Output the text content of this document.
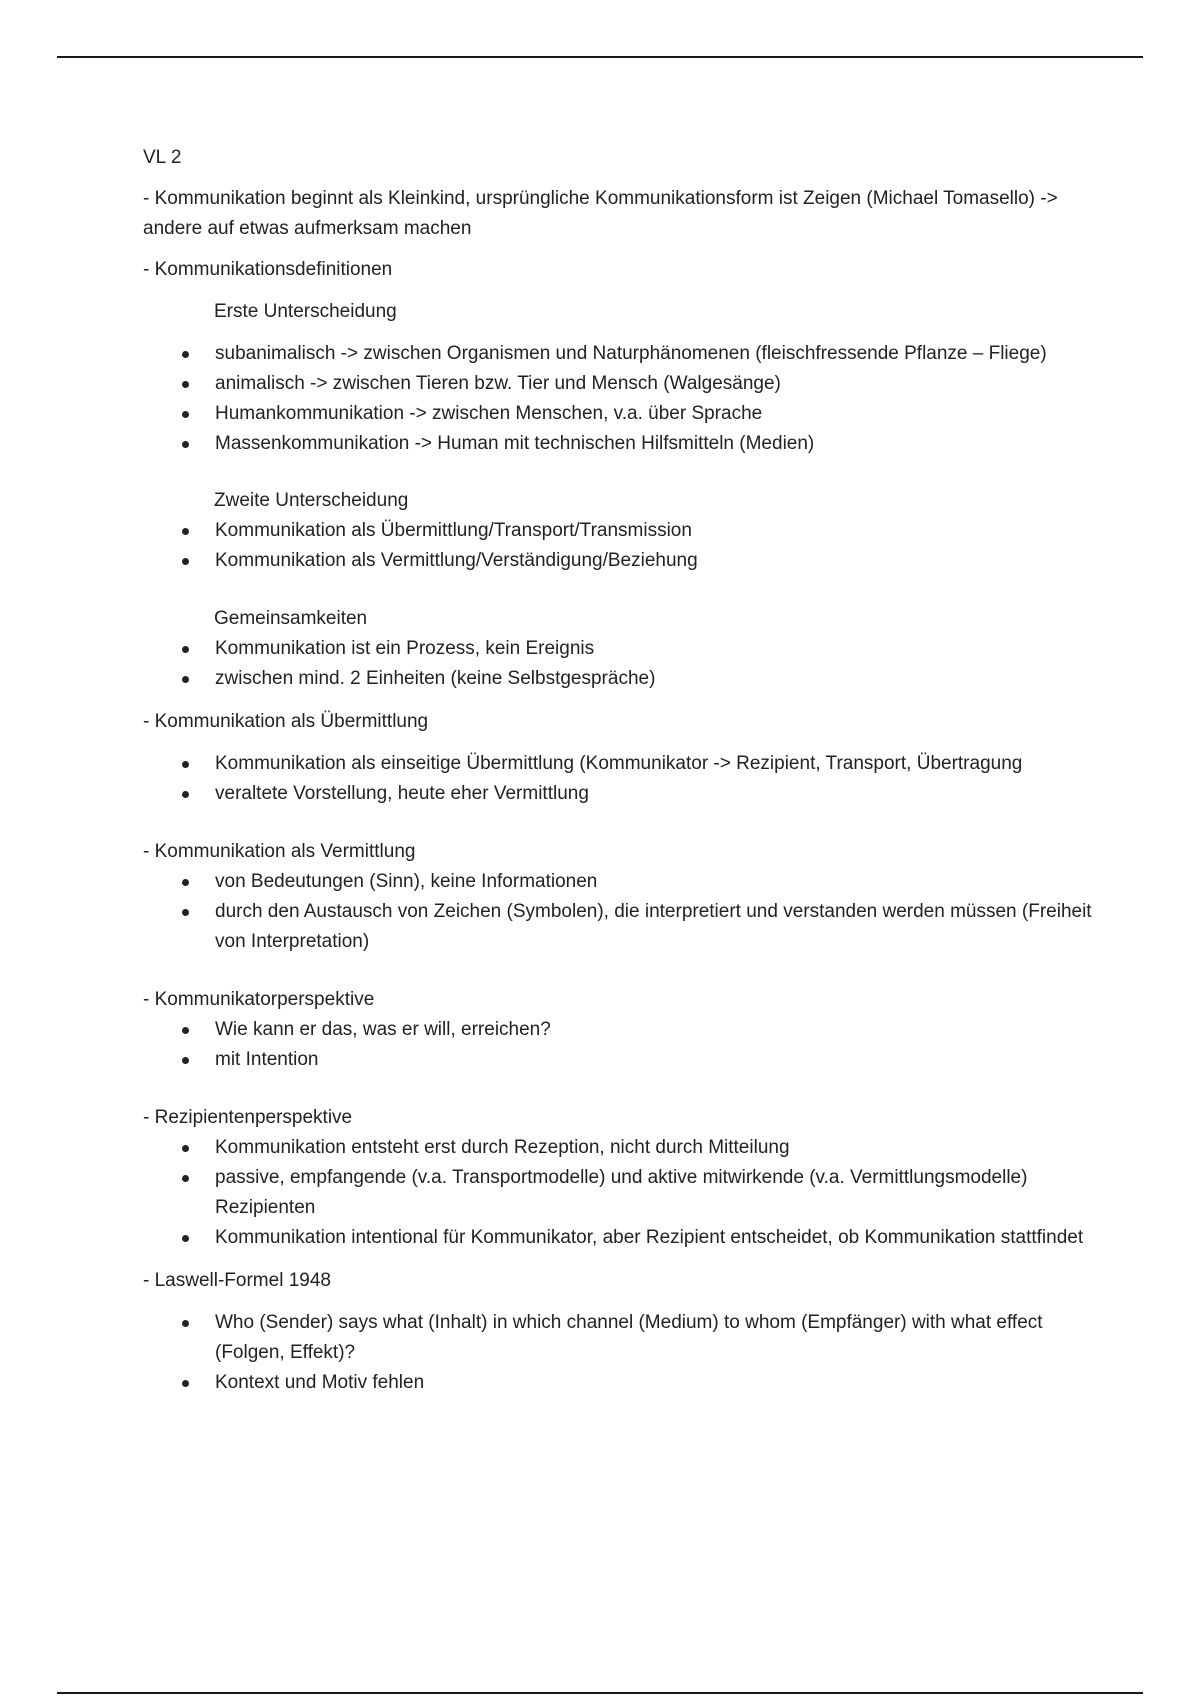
VL 2

- Kommunikation beginnt als Kleinkind, ursprüngliche Kommunikationsform ist Zeigen (Michael Tomasello) -> andere auf etwas aufmerksam machen

- Kommunikationsdefinitionen

Erste Unterscheidung

subanimalisch -> zwischen Organismen und Naturphänomenen (fleischfressende Pflanze – Fliege)
animalisch -> zwischen Tieren bzw. Tier und Mensch (Walgesänge)
Humankommunikation -> zwischen Menschen, v.a. über Sprache
Massenkommunikation -> Human mit technischen Hilfsmitteln (Medien)

Zweite Unterscheidung

Kommunikation als Übermittlung/Transport/Transmission
Kommunikation als Vermittlung/Verständigung/Beziehung

Gemeinsamkeiten

Kommunikation ist ein Prozess, kein Ereignis
zwischen mind. 2 Einheiten (keine Selbstgespräche)

- Kommunikation als Übermittlung

Kommunikation als einseitige Übermittlung (Kommunikator -> Rezipient, Transport, Übertragung
veraltete Vorstellung, heute eher Vermittlung

- Kommunikation als Vermittlung

von Bedeutungen (Sinn), keine Informationen
durch den Austausch von Zeichen (Symbolen), die interpretiert und verstanden werden müssen (Freiheit von Interpretation)

- Kommunikatorperspektive

Wie kann er das, was er will, erreichen?
mit Intention

- Rezipientenperspektive

Kommunikation entsteht erst durch Rezeption, nicht durch Mitteilung
passive, empfangende (v.a. Transportmodelle) und aktive mitwirkende (v.a. Vermittlungsmodelle) Rezipienten
Kommunikation intentional für Kommunikator, aber Rezipient entscheidet, ob Kommunikation stattfindet

- Laswell-Formel 1948

Who (Sender) says what (Inhalt) in which channel (Medium) to whom (Empfänger) with what effect (Folgen, Effekt)?
Kontext und Motiv fehlen
